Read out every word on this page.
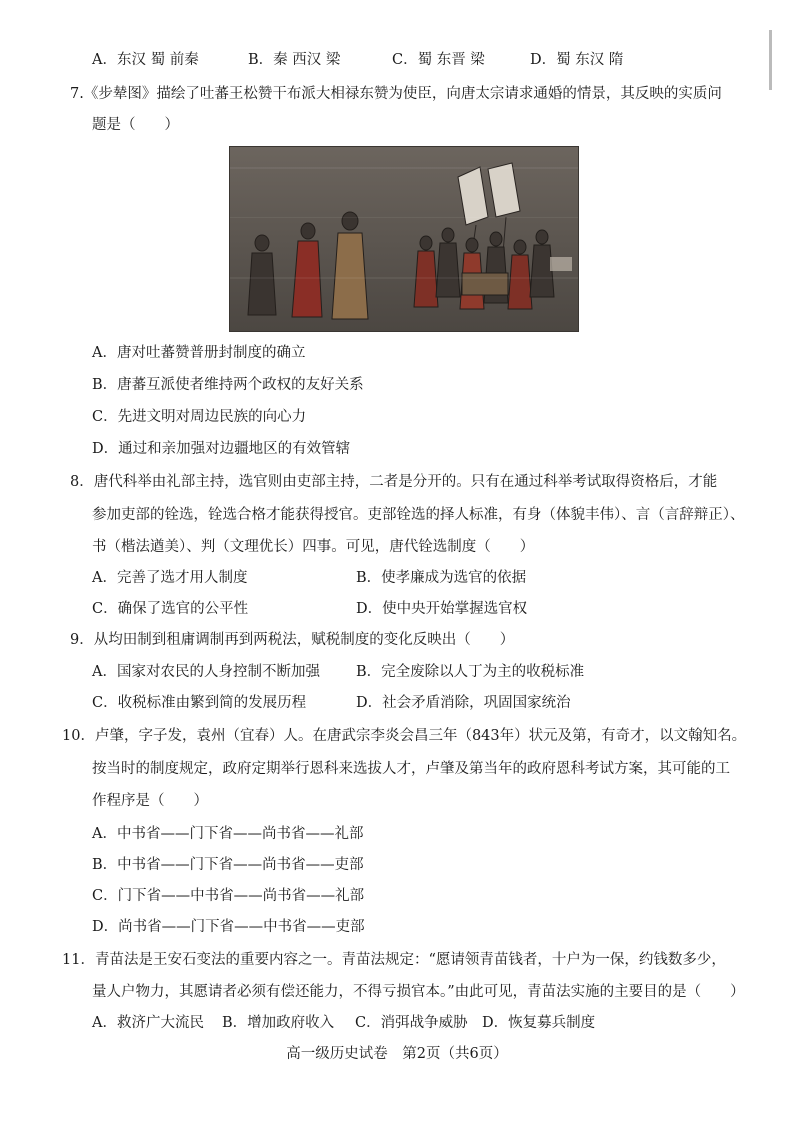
A．东汉 蜀 前秦	B．秦 西汉 梁	C．蜀 东晋 梁	D．蜀 东汉 隋
7.《步辇图》描绘了吐蕃王松赞干布派大相禄东赞为使臣，向唐太宗请求通婚的情景，其反映的实质问
题是（　　）
A．唐对吐蕃赞普册封制度的确立
B．唐蕃互派使者维持两个政权的友好关系
C．先进文明对周边民族的向心力
D．通过和亲加强对边疆地区的有效管辖
8．唐代科举由礼部主持，选官则由吏部主持，二者是分开的。只有在通过科举考试取得资格后，才能
参加吏部的铨选，铨选合格才能获得授官。吏部铨选的择人标准，有身（体貌丰伟）、言（言辞辩正）、
书（楷法遒美）、判（文理优长）四事。可见，唐代铨选制度（　　）
A．完善了选才用人制度	B．使孝廉成为选官的依据
C．确保了选官的公平性	D．使中央开始掌握选官权
9．从均田制到租庸调制再到两税法，赋税制度的变化反映出（　　）
A．国家对农民的人身控制不断加强 B．完全废除以人丁为主的收税标准
C．收税标准由繁到简的发展历程	D．社会矛盾消除，巩固国家统治
10．卢肇，字子发，袁州（宜春）人。在唐武宗李炎会昌三年（843年）状元及第，有奇才，以文翰知名。
按当时的制度规定，政府定期举行恩科来选拔人才，卢肇及第当年的政府恩科考试方案，其可能的工
作程序是（　　）
A．中书省——门下省——尚书省——礼部
B．中书省——门下省——尚书省——吏部
C．门下省——中书省——尚书省——礼部
D．尚书省——门下省——中书省——吏部
11．青苗法是王安石变法的重要内容之一。青苗法规定：“愿请领青苗钱者，十户为一保，约钱数多少，
量人户物力，其愿请者必须有偿还能力，不得亏损官本。”由此可见，青苗法实施的主要目的是（　　）
A．救济广大流民 B．增加政府收入 C．消弭战争威胁 D．恢复募兵制度
高一级历史试卷　第2页（共6页）
